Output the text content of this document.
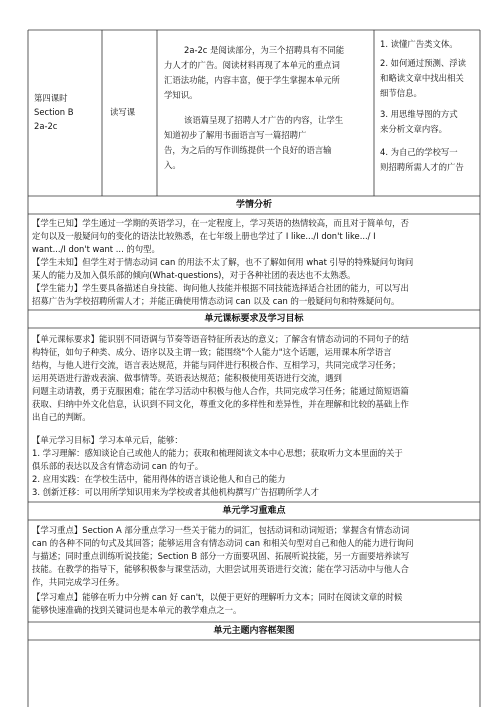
第四课时
Section B
2a-2c
读写课
2a-2c 是阅读部分，为三个招聘具有不同能
力人才的广告。阅读材料再现了本单元的重点词
汇语法功能，内容丰富，便于学生掌握本单元所
学知识。
该语篇呈现了招聘人才广告的内容，让学生
知道初步了解用书面语言写一篇招聘广
告，为之后的写作训练提供一个良好的语言输
入。
1. 读懂广告类文体。
2. 如何通过预测、浮读
和略读文章中找出相关
细节信息。
3. 用思维导图的方式
来分析文章内容。
4. 为自己的学校写一
则招聘所需人才的广告
学情分析
【学生已知】学生通过一学期的英语学习，在一定程度上，学习英语的热情较高，而且对于简单句，否
定句以及一般疑问句的变化的语法比较熟悉，在七年级上册也学过了 I like.../I don't like.../ I
want.../I don't want ... 的句型。
【学生未知】但学生对于情态动词 can 的用法不太了解，也不了解如何用 what 引导的特殊疑问句询问
某人的能力及加入俱乐部的倾向(What-questions)，对于各种社团的表达也不太熟悉。
【学生能力】学生要具备描述自身技能、询问他人技能并根据不同技能选择适合社团的能力，可以写出
招募广告为学校招聘所需人才；并能正确使用情态动词 can 以及 can 的一般疑问句和特殊疑问句。
单元课标要求及学习目标
【单元课标要求】能识别不同语调与节奏等语音特征所表达的意义；了解含有情态动词的不同句子的结
构特征，如句子种类、成分、语序以及主谓一致；能围绕"个人能力"这个话题，运用课本所学语言
结构，与他人进行交流，语言表达规范，并能与同伴进行积极合作、互相学习，共同完成学习任务；
运用英语进行游戏表演、做事情等。英语表达规范；能积极使用英语进行交流，遇到
问题主动请教，勇于克服困难；能在学习活动中积极与他人合作，共同完成学习任务；能通过简短语篇
获取、归纳中外文化信息，认识到不同文化，尊重文化的多样性和差异性，并在理解和比较的基础上作
出自己的判断。
【单元学习目标】学习本单元后，能够：
1. 学习理解：感知谈论自己或他人的能力；获取和梳理阅读文本中心思想；获取听力文本里面的关于
俱乐部的表达以及含有情态动词 can 的句子。
2. 应用实践：在学校生活中，能用得体的语言谈论他人和自己的能力
3. 创新迁移：可以用所学知识用来为学校或者其他机构撰写广告招聘所学人才
单元学习重难点
【学习重点】Section A 部分重点学习一些关于能力的词汇，包括动词和动词短语；掌握含有情态动词
can 的各种不同的句式及其回答；能够运用含有情态动词 can 和相关句型对自己和他人的能力进行询问
与描述；同时重点训练听说技能；Section B 部分一方面要巩固、拓展听说技能，另一方面要培养读写
技能。在教学的指导下，能够积极参与课堂活动，大胆尝试用英语进行交流；能在学习活动中与他人合
作，共同完成学习任务。
【学习难点】能够在听力中分辨 can 好 can't，以便于更好的理解听力文本；同时在阅读文章的时候
能够快速准确的找到关键词也是本单元的教学难点之一。
单元主题内容框架图
